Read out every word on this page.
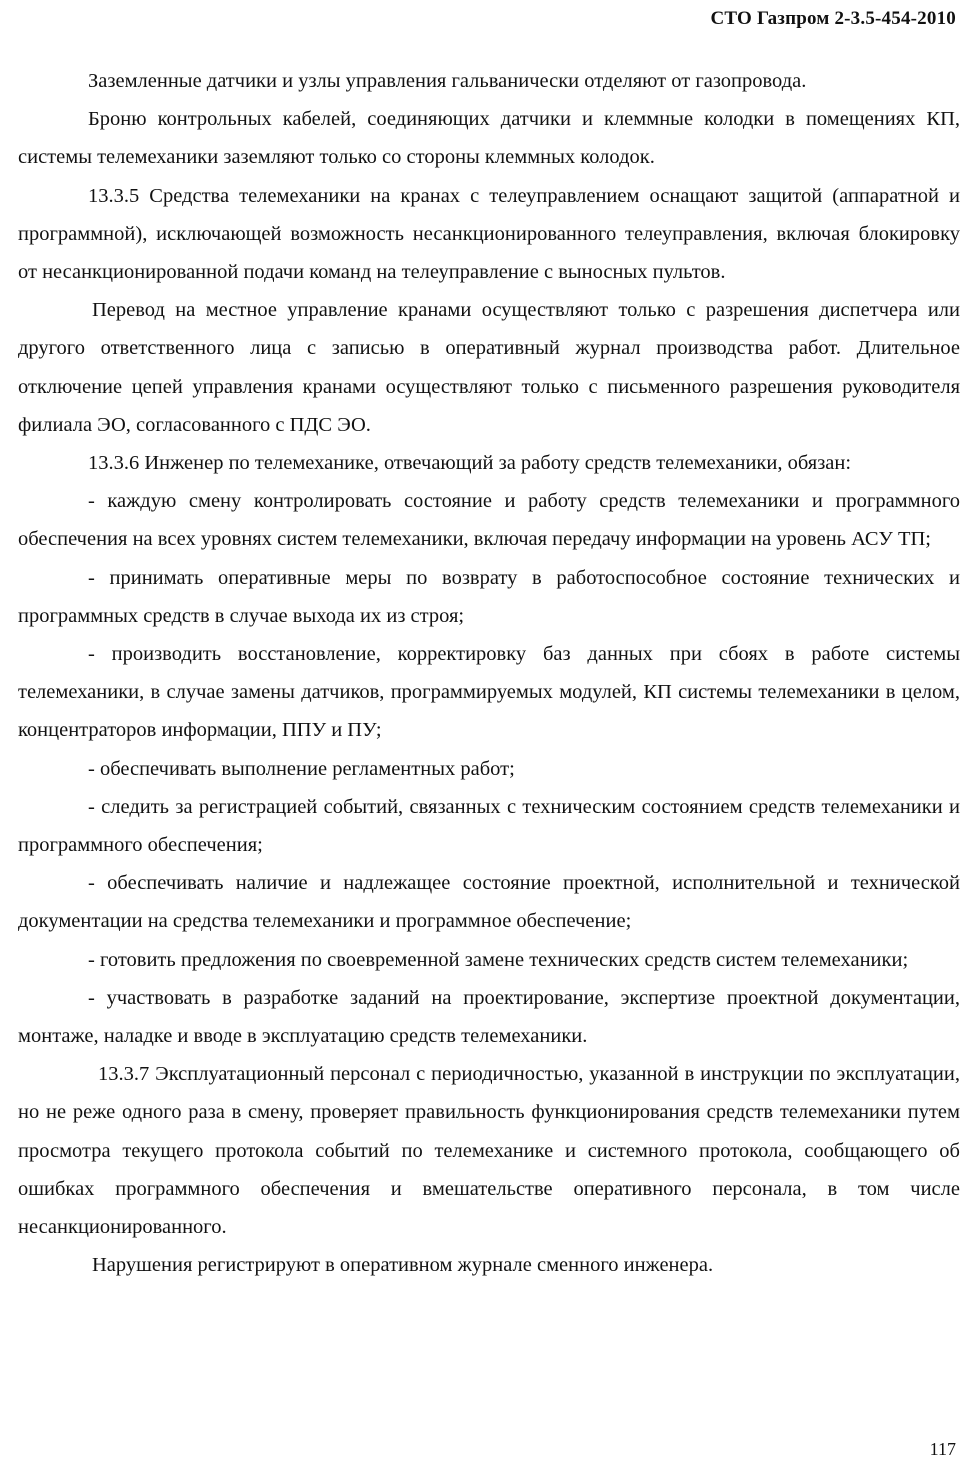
СТО Газпром 2-3.5-454-2010

Заземленные датчики и узлы управления гальванически отделяют от газопровода.

Броню контрольных кабелей, соединяющих датчики и клеммные колодки в помещениях КП, системы телемеханики заземляют только со стороны клеммных колодок.

13.3.5 Средства телемеханики на кранах с телеуправлением оснащают защитой (аппаратной и программной), исключающей возможность несанкционированного телеуправления, включая блокировку от несанкционированной подачи команд на телеуправление с выносных пультов.

Перевод на местное управление кранами осуществляют только с разрешения диспетчера или другого ответственного лица с записью в оперативный журнал производства работ. Длительное отключение цепей управления кранами осуществляют только с письменного разрешения руководителя филиала ЭО, согласованного с ПДС ЭО.

13.3.6 Инженер по телемеханике, отвечающий за работу средств телемеханики, обязан:

- каждую смену контролировать состояние и работу средств телемеханики и программного обеспечения на всех уровнях систем телемеханики, включая передачу информации на уровень АСУ ТП;

- принимать оперативные меры по возврату в работоспособное состояние технических и программных средств в случае выхода их из строя;

- производить восстановление, корректировку баз данных при сбоях в работе системы телемеханики, в случае замены датчиков, программируемых модулей, КП системы телемеханики в целом, концентраторов информации, ППУ и ПУ;

- обеспечивать выполнение регламентных работ;

- следить за регистрацией событий, связанных с техническим состоянием средств телемеханики и программного обеспечения;

- обеспечивать наличие и надлежащее состояние проектной, исполнительной и технической документации на средства телемеханики и программное обеспечение;

- готовить предложения по своевременной замене технических средств систем телемеханики;

- участвовать в разработке заданий на проектирование, экспертизе проектной документации, монтаже, наладке и вводе в эксплуатацию средств телемеханики.

13.3.7 Эксплуатационный персонал с периодичностью, указанной в инструкции по эксплуатации, но не реже одного раза в смену, проверяет правильность функционирования средств телемеханики путем просмотра текущего протокола событий по телемеханике и системного протокола, сообщающего об ошибках программного обеспечения и вмешательстве оперативного персонала, в том числе несанкционированного.

Нарушения регистрируют в оперативном журнале сменного инженера.

117
